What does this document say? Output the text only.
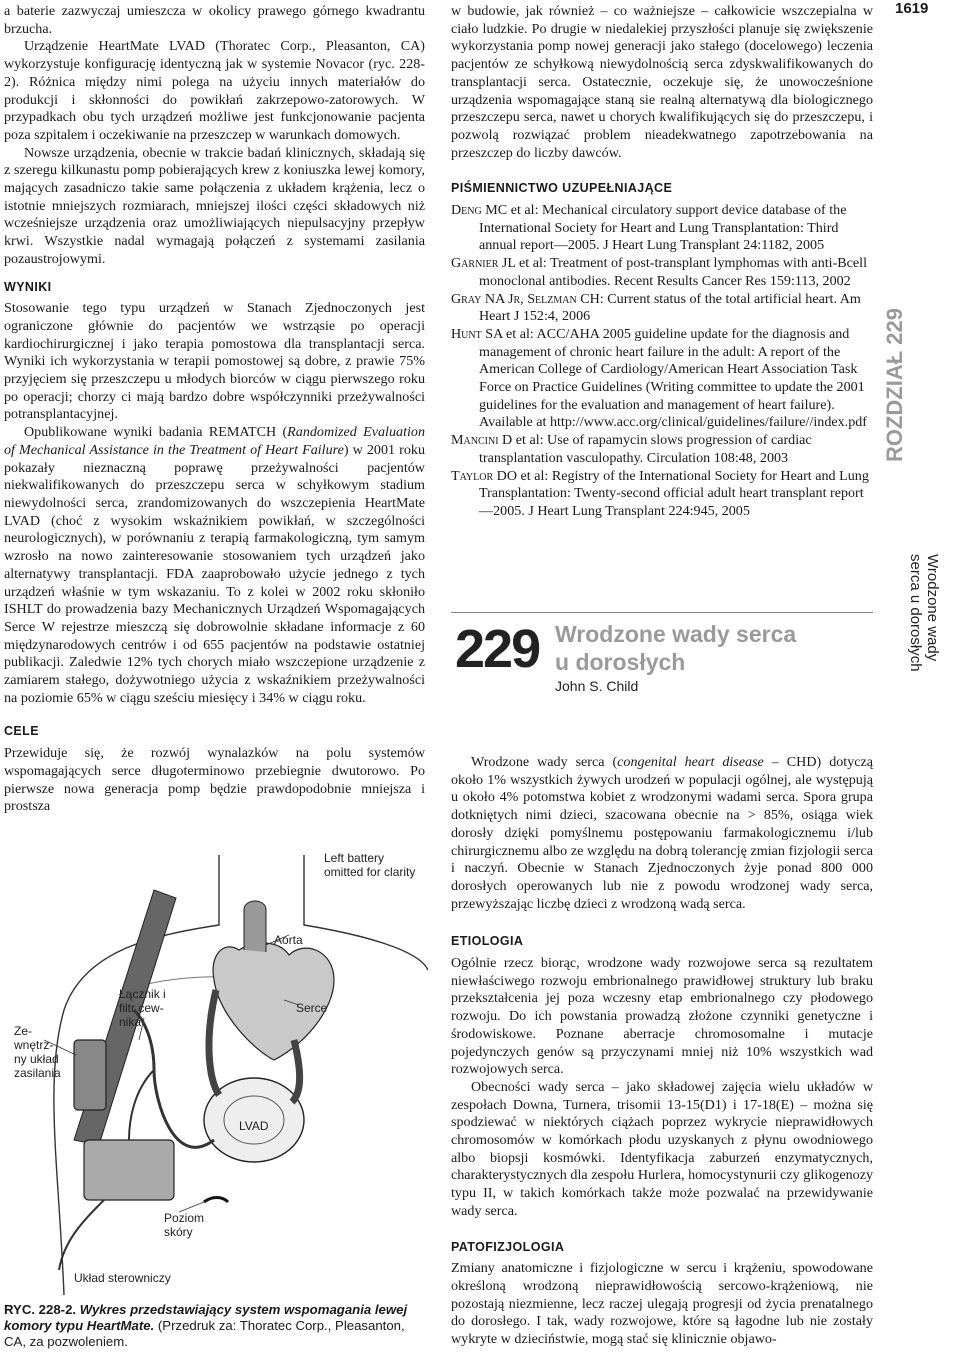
1619

a baterie zazwyczaj umieszcza w okolicy prawego górnego kwadrantu brzucha.

Urządzenie HeartMate LVAD (Thoratec Corp., Pleasanton, CA) wykorzystuje konfigurację identyczną jak w systemie Novacor (ryc. 228-2). Różnica między nimi polega na użyciu innych materiałów do produkcji i skłonności do powikłań zakrzepowo-zatorowych. W przypadkach obu tych urządzeń możliwe jest funkcjonowanie pacjenta poza szpitalem i oczekiwanie na przeszczep w warunkach domowych.

Nowsze urządzenia, obecnie w trakcie badań klinicznych, składają się z szeregu kilkunastu pomp pobierających krew z koniuszka lewej komory, mających zasadniczo takie same połączenia z układem krążenia, lecz o istotnie mniejszych rozmiarach, mniejszej ilości części składowych niż wcześniejsze urządzenia oraz umożliwiających niepulsacyjny przepływ krwi. Wszystkie nadal wymagają połączeń z systemami zasilania pozaustrojowymi.

WYNIKI

Stosowanie tego typu urządzeń w Stanach Zjednoczonych jest ograniczone głównie do pacjentów we wstrząsie po operacji kardiochirurgicznej i jako terapia pomostowa dla transplantacji serca. Wyniki ich wykorzystania w terapii pomostowej są dobre, z prawie 75% przyjęciem się przeszczepu u młodych biorców w ciągu pierwszego roku po operacji; chorzy ci mają bardzo dobre współczynniki przeżywalności potransplantacyjnej.

Opublikowane wyniki badania REMATCH (Randomized Evaluation of Mechanical Assistance in the Treatment of Heart Failure) w 2001 roku pokazały nieznaczną poprawę przeżywalności pacjentów niekwalifikowanych do przeszczepu serca w schyłkowym stadium niewydolności serca, zrandomizowanych do wszczepienia HeartMate LVAD (choć z wysokim wskaźnikiem powikłań, w szczególności neurologicznych), w porównaniu z terapią farmakologiczną, tym samym wzrosło na nowo zainteresowanie stosowaniem tych urządzeń jako alternatywy transplantacji. FDA zaaprobowało użycie jednego z tych urządzeń właśnie w tym wskazaniu. To z kolei w 2002 roku skłoniło ISHLT do prowadzenia bazy Mechanicznych Urządzeń Wspomagających Serce W rejestrze mieszczą się dobrowolnie składane informacje z 60 międzynarodowych centrów i od 655 pacjentów na podstawie ostatniej publikacji. Zaledwie 12% tych chorych miało wszczepione urządzenie z zamiarem stałego, dożywotniego użycia z wskaźnikiem przeżywalności na poziomie 65% w ciągu sześciu miesięcy i 34% w ciągu roku.

CELE

Przewiduje się, że rozwój wynalazków na polu systemów wspomagających serce długoterminowo przebiegnie dwutorowo. Po pierwsze nowa generacja pomp będzie prawdopodobnie mniejsza i prostsza

w budowie, jak również – co ważniejsze – całkowicie wszczepialna w ciało ludzkie. Po drugie w niedalekiej przyszłości planuje się zwiększenie wykorzystania pomp nowej generacji jako stałego (docelowego) leczenia pacjentów ze schyłkową niewydolnością serca zdyskwalifikowanych do transplantacji serca. Ostatecznie, oczekuje się, że unowocześnione urządzenia wspomagające staną sie realną alternatywą dla biologicznego przeszczepu serca, nawet u chorych kwalifikujących się do przeszczepu, i pozwolą rozwiązać problem nieadekwatnego zapotrzebowania na przeszczep do liczby dawców.

PIŚMIENNICTWO UZUPEŁNIAJĄCE

Deng MC et al: Mechanical circulatory support device database of the International Society for Heart and Lung Transplantation: Third annual report—2005. J Heart Lung Transplant 24:1182, 2005

Garnier JL et al: Treatment of post-transplant lymphomas with anti-Bcell monoclonal antibodies. Recent Results Cancer Res 159:113, 2002

Gray NA Jr, Selzman CH: Current status of the total artificial heart. Am Heart J 152:4, 2006

Hunt SA et al: ACC/AHA 2005 guideline update for the diagnosis and management of chronic heart failure in the adult: A report of the American College of Cardiology/American Heart Association Task Force on Practice Guidelines (Writing committee to update the 2001 guidelines for the evaluation and management of heart failure). Available at http://www.acc.org/clinical/guidelines/failure//index.pdf

Mancini D et al: Use of rapamycin slows progression of cardiac transplantation vasculopathy. Circulation 108:48, 2003

Taylor DO et al: Registry of the International Society for Heart and Lung Transplantation: Twenty-second official adult heart transplant report—2005. J Heart Lung Transplant 224:945, 2005

229 Wrodzone wady serca
u dorosłych
John S. Child

Wrodzone wady serca (congenital heart disease – CHD) dotyczą około 1% wszystkich żywych urodzeń w populacji ogólnej, ale występują u około 4% potomstwa kobiet z wrodzonymi wadami serca. Spora grupa dotkniętych nimi dzieci, szacowana obecnie na > 85%, osiąga wiek dorosły dzięki pomyślnemu postępowaniu farmakologicznemu i/lub chirurgicznemu albo ze względu na dobrą tolerancję zmian fizjologii serca i naczyń. Obecnie w Stanach Zjednoczonych żyje ponad 800 000 dorosłych operowanych lub nie z powodu wrodzonej wady serca, przewyższając liczbę dzieci z wrodzoną wadą serca.

ETIOLOGIA

Ogólnie rzecz biorąc, wrodzone wady rozwojowe serca są rezultatem niewłaściwego rozwoju embrionalnego prawidłowej struktury lub braku przekształcenia jej poza wczesny etap embrionalnego czy płodowego rozwoju. Do ich powstania prowadzą złożone czynniki genetyczne i środowiskowe. Poznane aberracje chromosomalne i mutacje pojedynczych genów są przyczynami mniej niż 10% wszystkich wad rozwojowych serca.

Obecności wady serca – jako składowej zajęcia wielu układów w zespołach Downa, Turnera, trisomii 13-15(D1) i 17-18(E) – można się spodziewać w niektórych ciążach poprzez wykrycie nieprawidłowych chromosomów w komórkach płodu uzyskanych z płynu owodniowego albo biopsji kosmówki. Identyfikacja zaburzeń enzymatycznych, charakterystycznych dla zespołu Hurlera, homocystynurii czy glikogenozy typu II, w takich komórkach także może pozwalać na przewidywanie wady serca.

PATOFIZJOLOGIA

Zmiany anatomiczne i fizjologiczne w sercu i krążeniu, spowodowane określoną wrodzoną nieprawidłowością sercowo-krążeniową, nie pozostają niezmienne, lecz raczej ulegają progresji od życia prenatalnego do dorosłego. I tak, wady rozwojowe, które są łagodne lub nie zostały wykryte w dzieciństwie, mogą stać się klinicznie objawo-

ROZDZIAŁ 229
Wrodzone wady serca u dorosłych
Left battery
omitted for clarity
Aorta
Serce
Łącznik i
filtr cew-
nika
Ze-
wnętrz-
ny układ
zasilania
LVAD
Poziom
skóry
Układ sterowniczy
RYC. 228-2. Wykres przedstawiający system wspomagania lewej komory typu HeartMate. (Przedruk za: Thoratec Corp., Pleasanton, CA, za pozwoleniem.
